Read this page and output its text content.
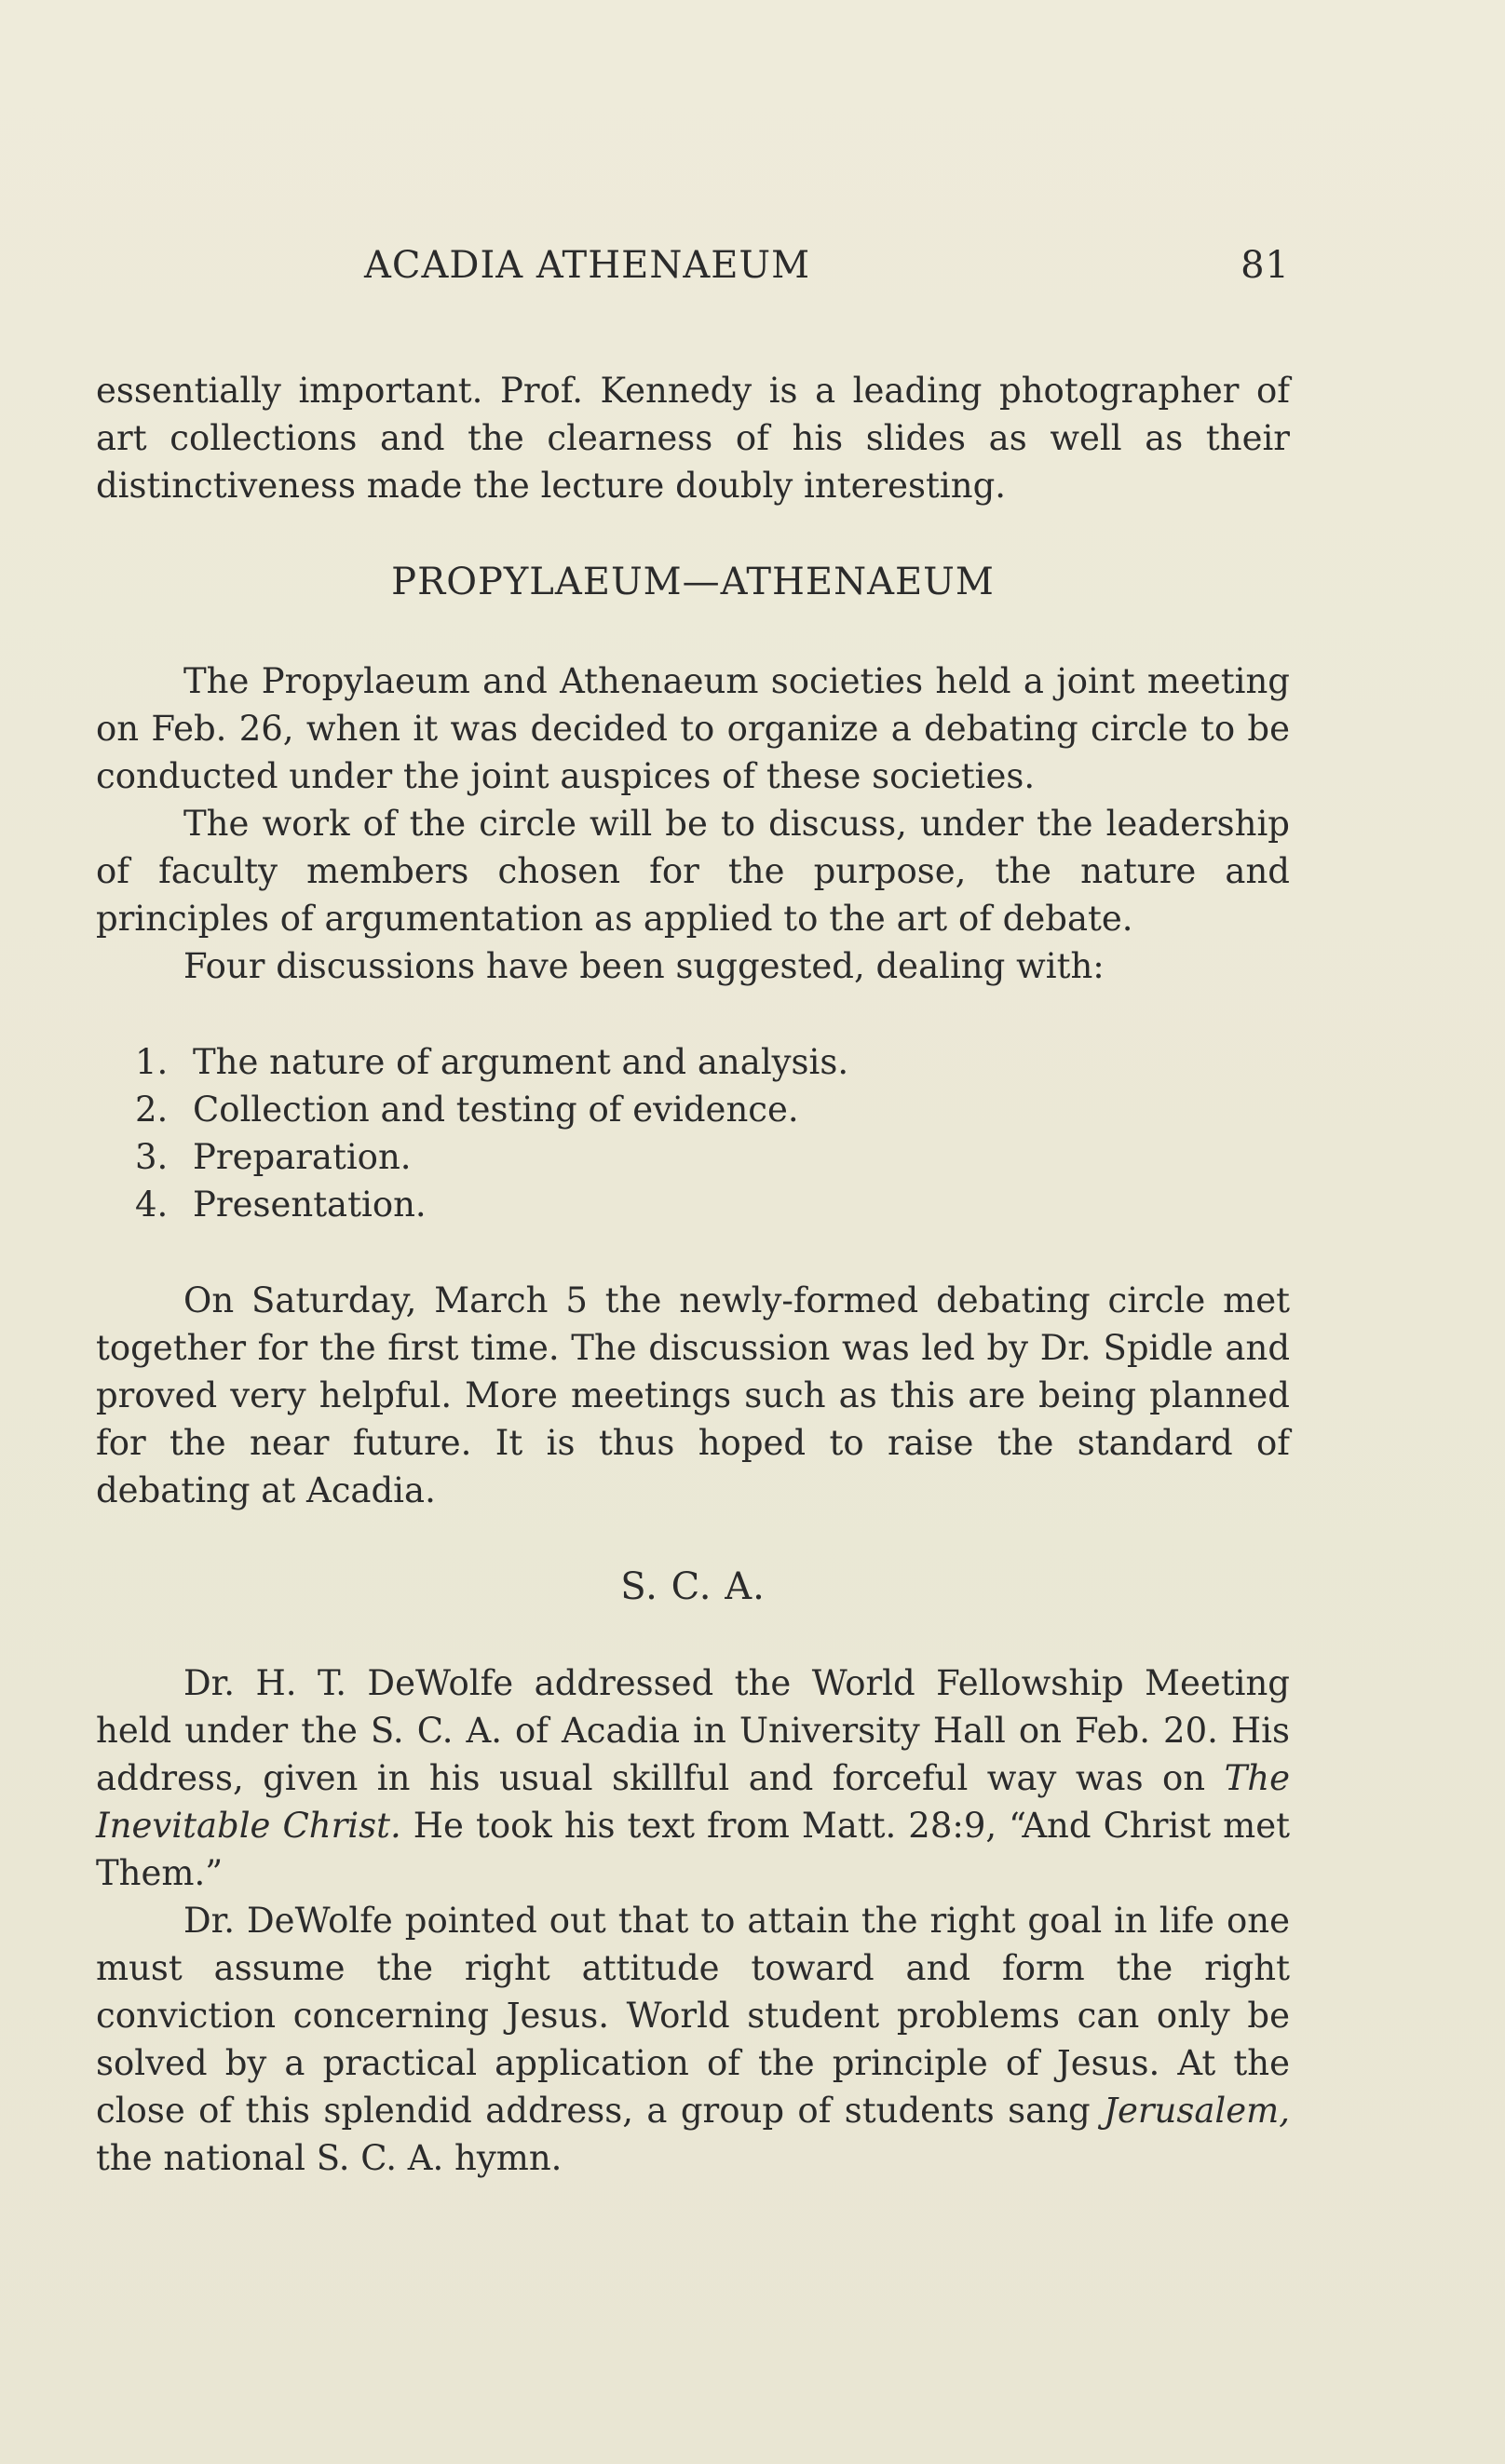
ACADIA ATHENAEUM	81

essentially important. Prof. Kennedy is a leading photographer of art collections and the clearness of his slides as well as their distinctiveness made the lecture doubly interesting.

PROPYLAEUM—ATHENAEUM

The Propylaeum and Athenaeum societies held a joint meeting on Feb. 26, when it was decided to organize a debating circle to be conducted under the joint auspices of these societies.

The work of the circle will be to discuss, under the leadership of faculty members chosen for the purpose, the nature and principles of argumentation as applied to the art of debate.

Four discussions have been suggested, dealing with:

1. The nature of argument and analysis.
2. Collection and testing of evidence.
3. Preparation.
4. Presentation.

On Saturday, March 5 the newly-formed debating circle met together for the first time. The discussion was led by Dr. Spidle and proved very helpful. More meetings such as this are being planned for the near future. It is thus hoped to raise the standard of debating at Acadia.

S. C. A.

Dr. H. T. DeWolfe addressed the World Fellowship Meeting held under the S. C. A. of Acadia in University Hall on Feb. 20. His address, given in his usual skillful and forceful way was on The Inevitable Christ. He took his text from Matt. 28:9, “And Christ met Them.”

Dr. DeWolfe pointed out that to attain the right goal in life one must assume the right attitude toward and form the right conviction concerning Jesus. World student problems can only be solved by a practical application of the principle of Jesus. At the close of this splendid address, a group of students sang Jerusalem, the national S. C. A. hymn.
